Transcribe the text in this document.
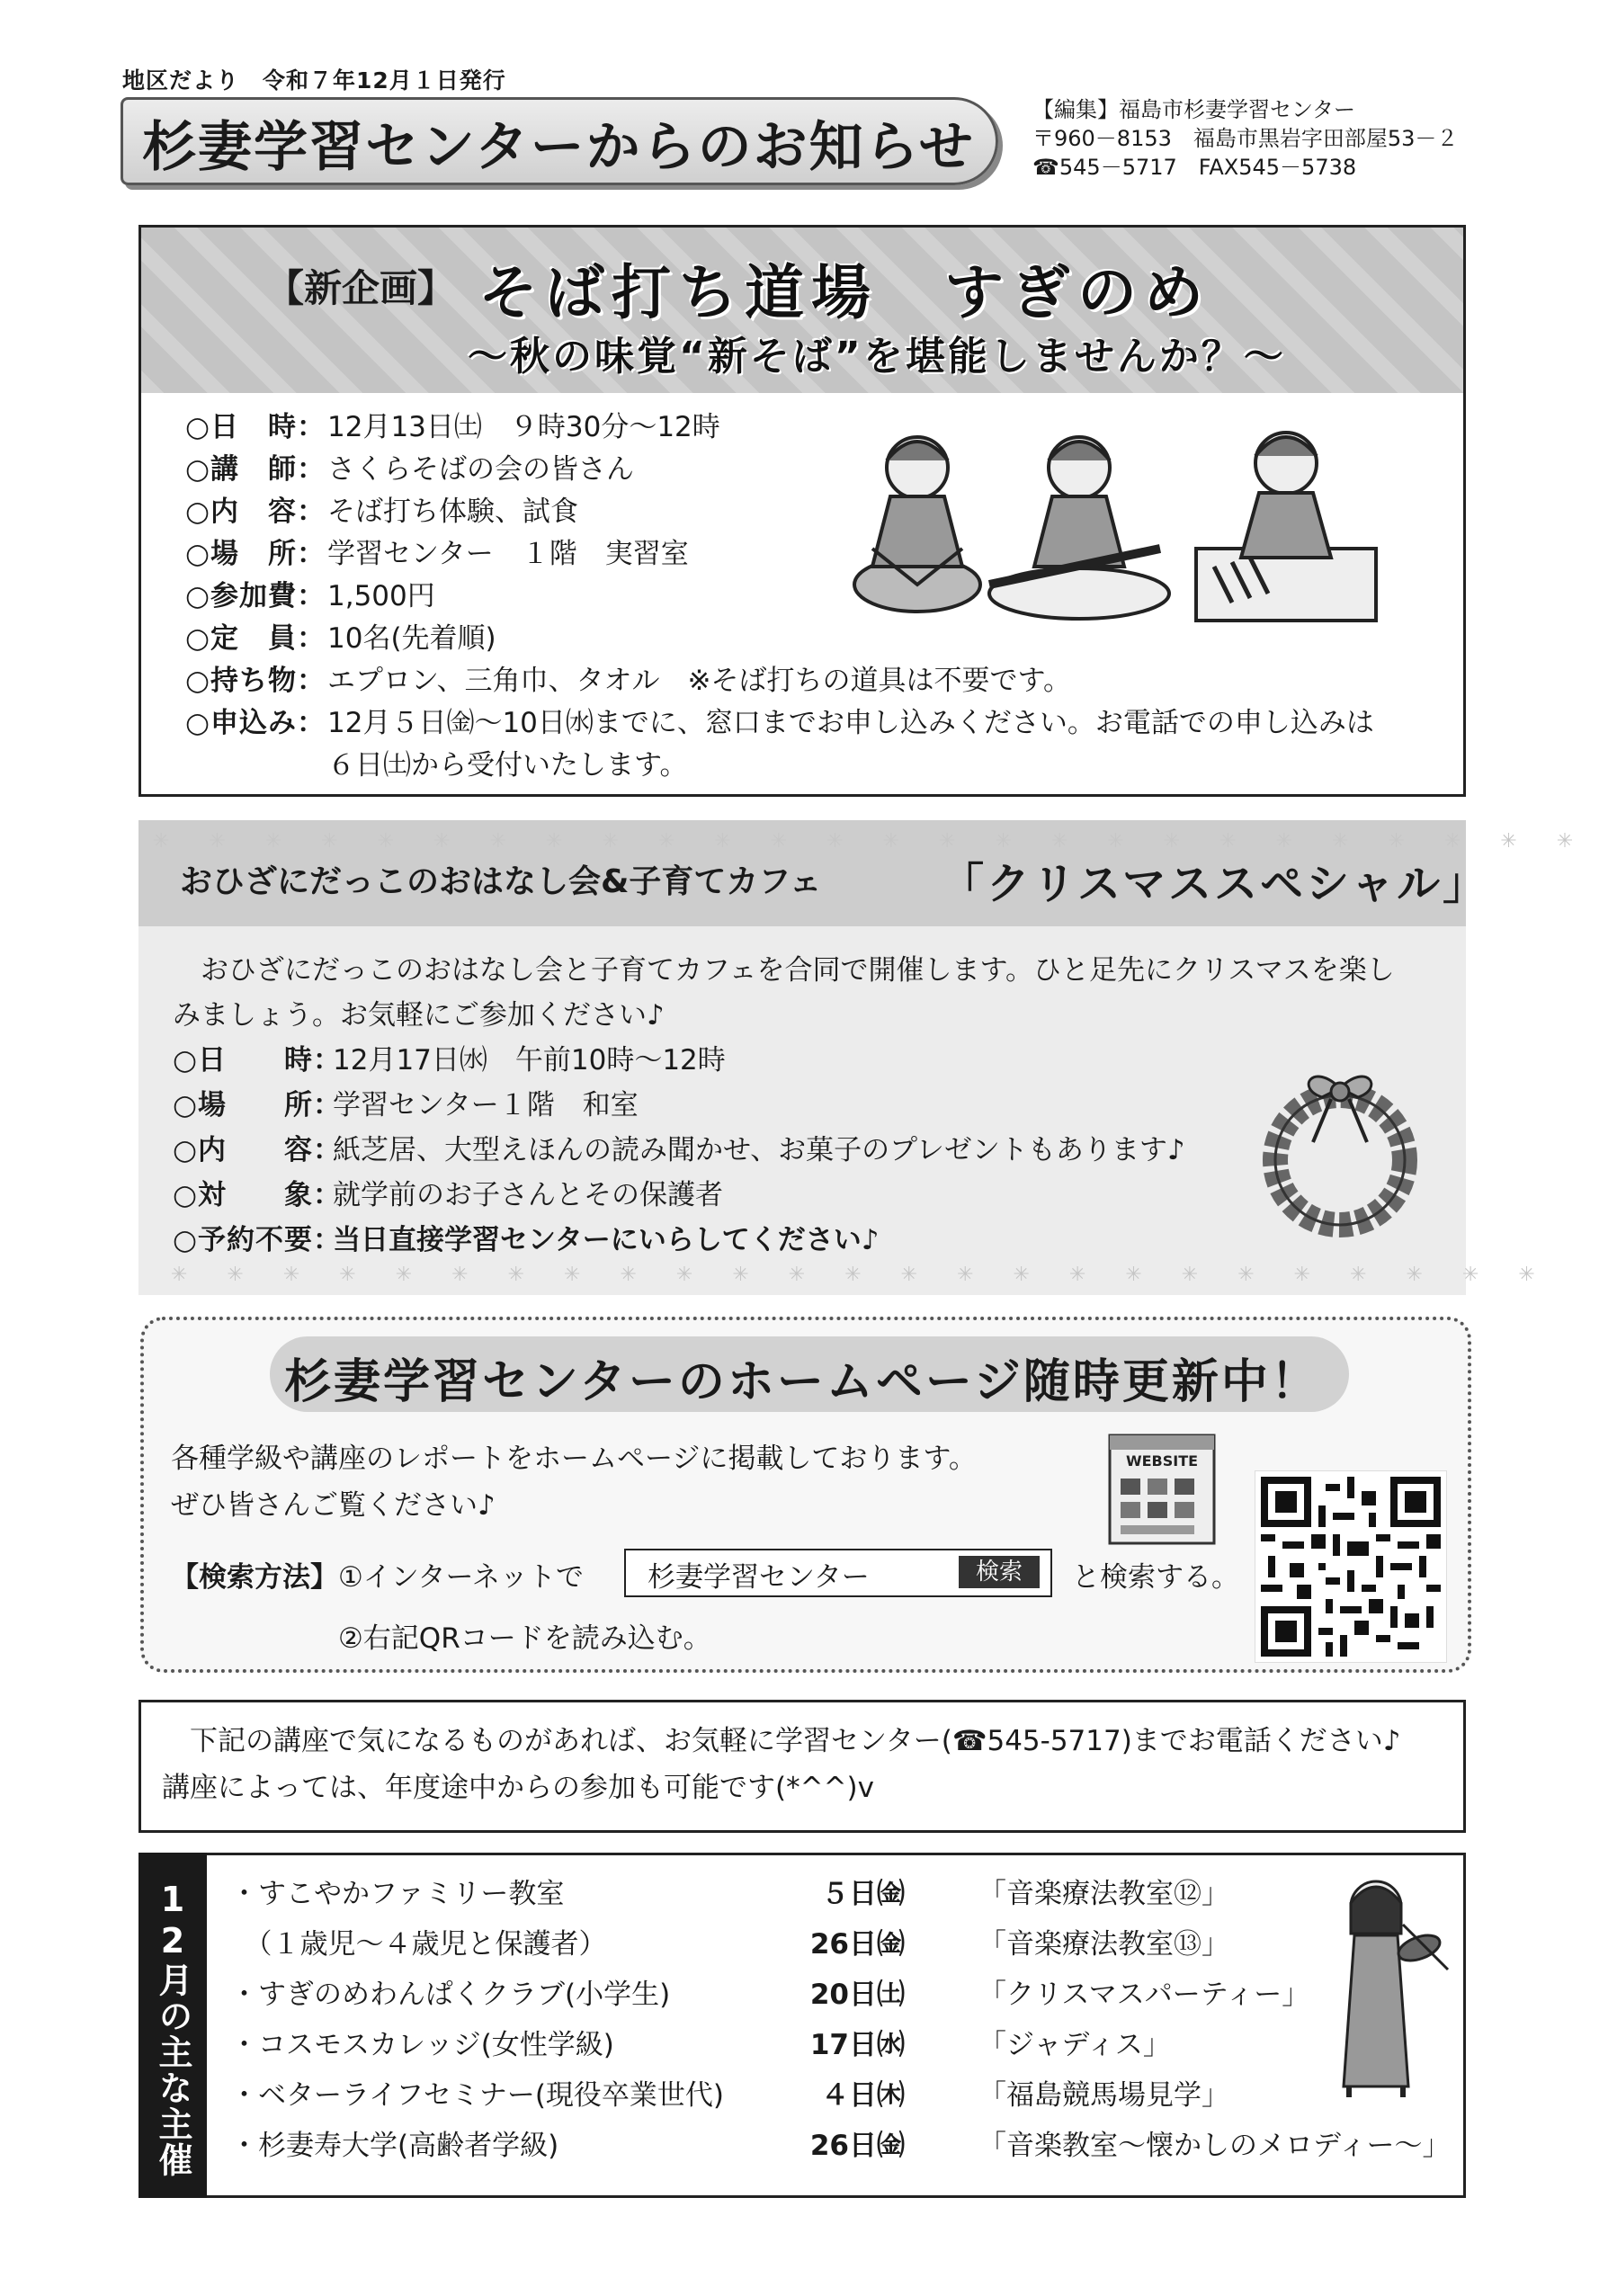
地区だより　令和７年12月１日発行
杉妻学習センターからのお知らせ
【編集】福島市杉妻学習センター
〒960－8153　福島市黒岩字田部屋53－２
☎545－5717　FAX545－5738
【新企画】 そば打ち道場　すぎのめ
～秋の味覚“新そば”を堪能しませんか？～
○日　時： 12月13日㈯　９時30分～12時
○講　師： さくらそばの会の皆さん
○内　容： そば打ち体験、試食
○場　所： 学習センター　１階　実習室
○参加費： 1,500円
○定　員： 10名(先着順)
○持ち物： エプロン、三角巾、タオル　※そば打ちの道具は不要です。
○申込み： 12月５日㈮～10日㈬までに、窓口までお申し込みください。お電話での申し込みは
６日㈯から受付いたします。
✳　　✳　　✳　　✳　　✳　　✳　　✳　　✳　　✳　　✳　　✳　　✳　　✳　　✳　　✳　　✳　　✳　　✳　　✳　　✳　　✳　　✳　　✳　　✳　　✳　　✳
✳　　✳　　✳　　✳　　✳　　✳　　✳　　✳　　✳　　✳　　✳　　✳　　✳　　✳　　✳　　✳　　✳　　✳　　✳　　✳　　✳　　✳　　✳　　✳　　✳
おひざにだっこのおはなし会&子育てカフェ	「クリスマススペシャル」
　おひざにだっこのおはなし会と子育てカフェを合同で開催します。ひと足先にクリスマスを楽し
みましょう。お気軽にご参加ください♪
○日　　時：
12月17日㈬　午前10時～12時
○場　　所：
学習センター１階　和室
○内　　容：
紙芝居、大型えほんの読み聞かせ、お菓子のプレゼントもあります♪
○対　　象：
就学前のお子さんとその保護者
○予約不要：
当日直接学習センターにいらしてください♪
杉妻学習センターのホームページ随時更新中！
各種学級や講座のレポートをホームページに掲載しております。
ぜひ皆さんご覧ください♪
【検索方法】 ①インターネットで 杉妻学習センター	検索	と検索する。
②右記QRコードを読み込む。
WEBSITE
　下記の講座で気になるものがあれば、お気軽に学習センター(☎545-5717)までお電話ください♪
講座によっては、年度途中からの参加も可能です(*^^)v
12月の主な主催事業
・すこやかファミリー教室	５日㈮	「音楽療法教室⑫」
　（１歳児～４歳児と保護者）	26日㈮	「音楽療法教室⑬」
・すぎのめわんぱくクラブ(小学生)	20日㈯	「クリスマスパーティー」
・コスモスカレッジ(女性学級)	17日㈬	「ジャディス」
・ベターライフセミナー(現役卒業世代)	４日㈭	「福島競馬場見学」
・杉妻寿大学(高齢者学級)	26日㈮	「音楽教室～懐かしのメロディー～」
